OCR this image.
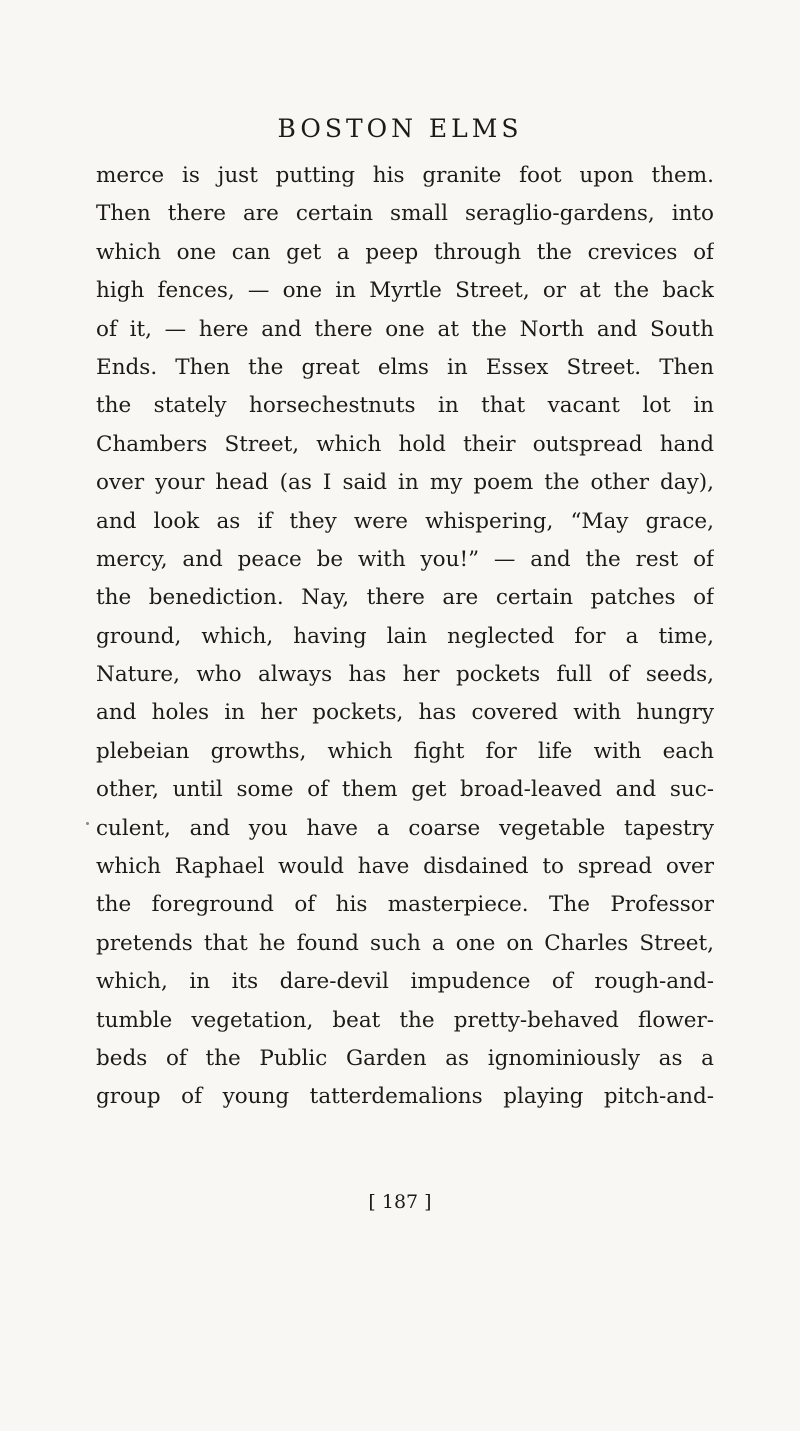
BOSTON ELMS
merce is just putting his granite foot upon them.
Then there are certain small seraglio-gardens, into
which one can get a peep through the crevices of
high fences, — one in Myrtle Street, or at the back
of it, — here and there one at the North and South
Ends. Then the great elms in Essex Street. Then
the stately horsechestnuts in that vacant lot in
Chambers Street, which hold their outspread hand
over your head (as I said in my poem the other day),
and look as if they were whispering, “May grace,
mercy, and peace be with you!” — and the rest of
the benediction. Nay, there are certain patches of
ground, which, having lain neglected for a time,
Nature, who always has her pockets full of seeds,
and holes in her pockets, has covered with hungry
plebeian growths, which fight for life with each
other, until some of them get broad-leaved and suc-
culent, and you have a coarse vegetable tapestry
which Raphael would have disdained to spread over
the foreground of his masterpiece. The Professor
pretends that he found such a one on Charles Street,
which, in its dare-devil impudence of rough-and-
tumble vegetation, beat the pretty-behaved flower-
beds of the Public Garden as ignominiously as a
group of young tatterdemalions playing pitch-and-
[ 187 ]
